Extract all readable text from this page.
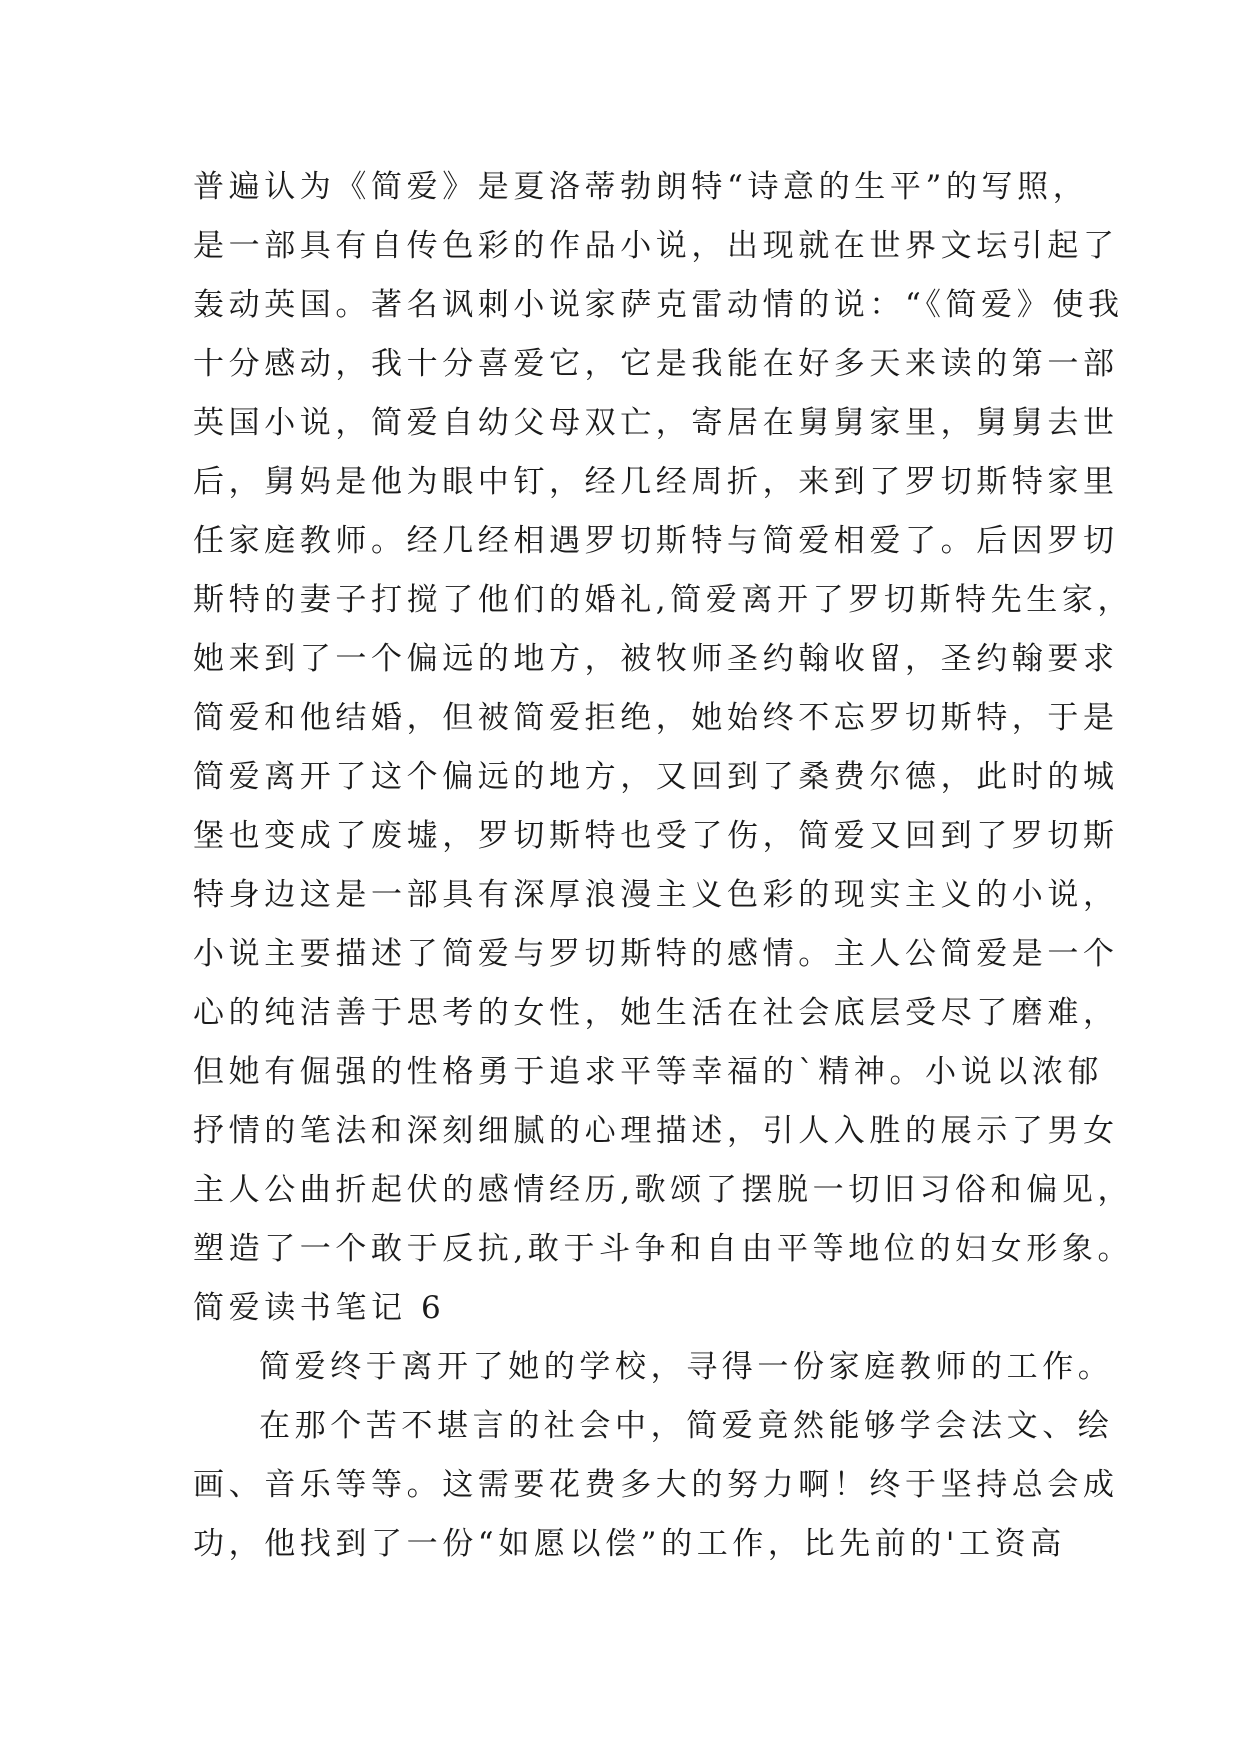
普遍认为《简爱》是夏洛蒂勃朗特“诗意的生平”的写照，
是一部具有自传色彩的作品小说，出现就在世界文坛引起了
轰动英国。著名讽刺小说家萨克雷动情的说：“《简爱》使我
十分感动，我十分喜爱它，它是我能在好多天来读的第一部
英国小说，简爱自幼父母双亡，寄居在舅舅家里，舅舅去世
后，舅妈是他为眼中钉，经几经周折，来到了罗切斯特家里
任家庭教师。经几经相遇罗切斯特与简爱相爱了。后因罗切
斯特的妻子打搅了他们的婚礼,简爱离开了罗切斯特先生家，
她来到了一个偏远的地方，被牧师圣约翰收留，圣约翰要求
简爱和他结婚，但被简爱拒绝，她始终不忘罗切斯特，于是
简爱离开了这个偏远的地方，又回到了桑费尔德，此时的城
堡也变成了废墟，罗切斯特也受了伤，简爱又回到了罗切斯
特身边这是一部具有深厚浪漫主义色彩的现实主义的小说，
小说主要描述了简爱与罗切斯特的感情。主人公简爱是一个
心的纯洁善于思考的女性，她生活在社会底层受尽了磨难，
但她有倔强的性格勇于追求平等幸福的`精神。小说以浓郁
抒情的笔法和深刻细腻的心理描述，引人入胜的展示了男女
主人公曲折起伏的感情经历,歌颂了摆脱一切旧习俗和偏见，
塑造了一个敢于反抗,敢于斗争和自由平等地位的妇女形象。
简爱读书笔记 6
简爱终于离开了她的学校，寻得一份家庭教师的工作。
在那个苦不堪言的社会中，简爱竟然能够学会法文、绘
画、音乐等等。这需要花费多大的努力啊！终于坚持总会成
功，他找到了一份“如愿以偿”的工作，比先前的'工资高
